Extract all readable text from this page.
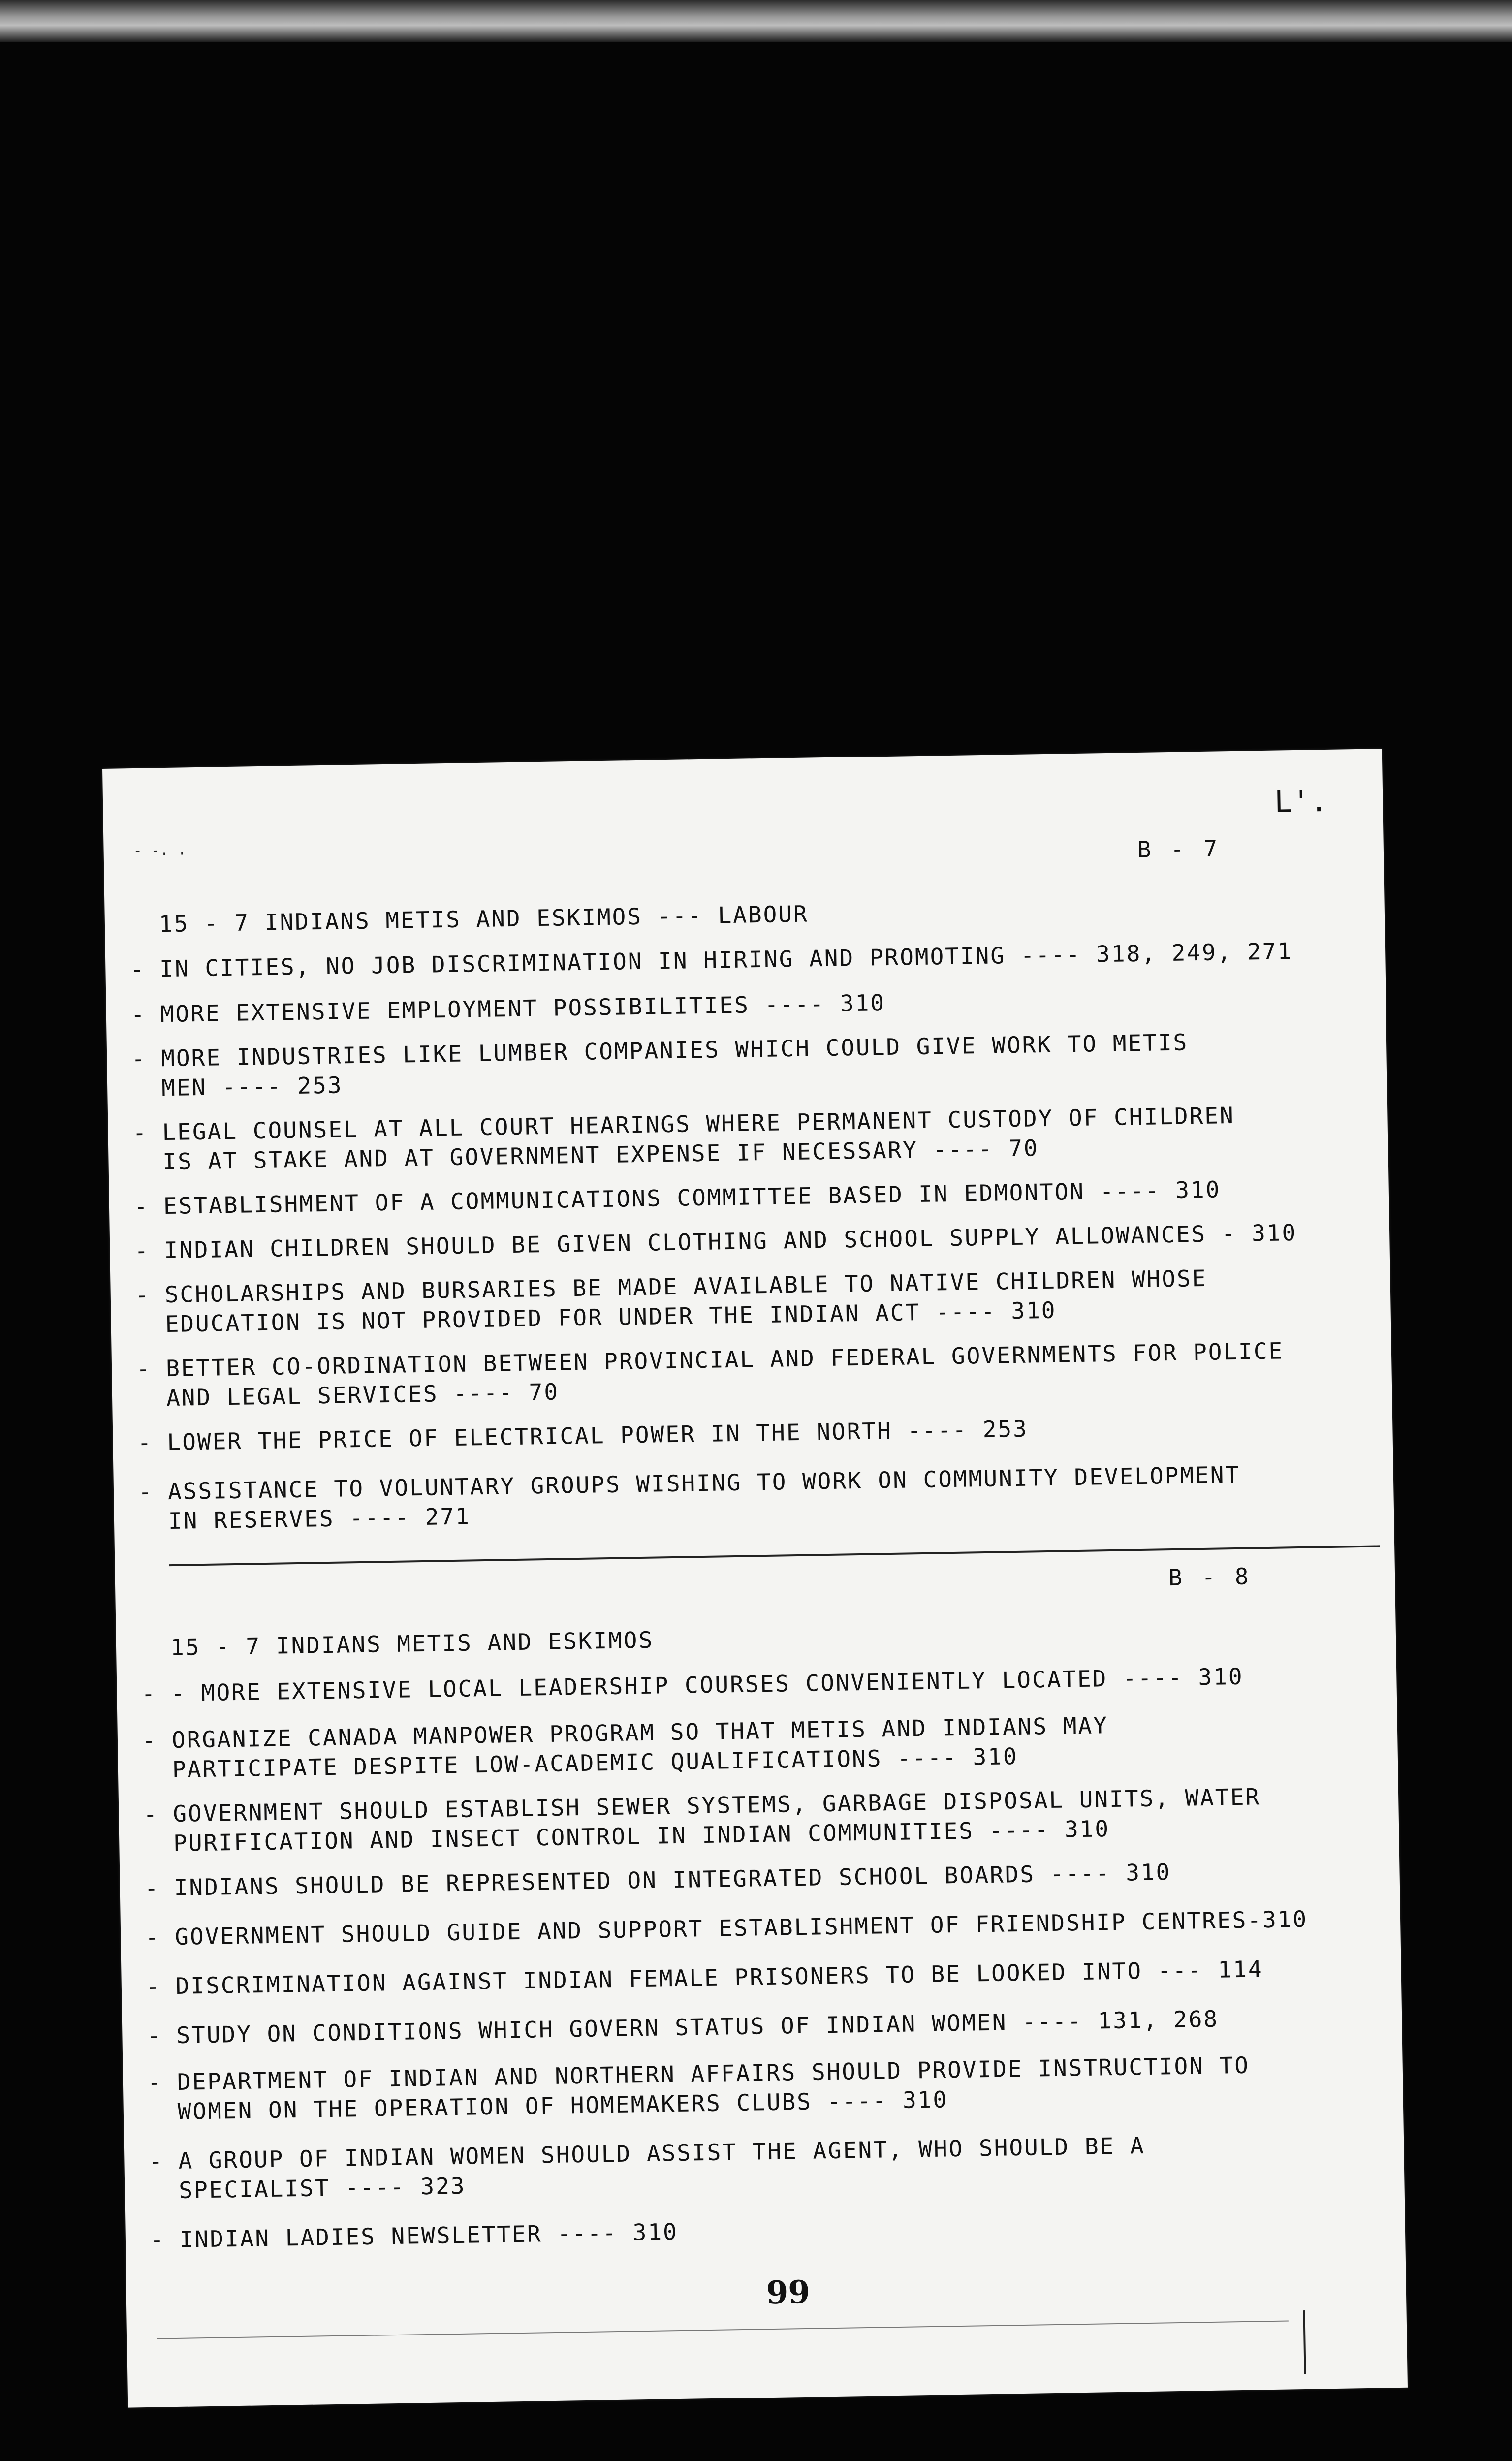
L'.
- -. .	B - 7
15 - 7 INDIANS METIS AND ESKIMOS --- LABOUR
- IN CITIES, NO JOB DISCRIMINATION IN HIRING AND PROMOTING ---- 318, 249, 271
- MORE EXTENSIVE EMPLOYMENT POSSIBILITIES ---- 310
- MORE INDUSTRIES LIKE LUMBER COMPANIES WHICH COULD GIVE WORK TO METIS
MEN ---- 253
- LEGAL COUNSEL AT ALL COURT HEARINGS WHERE PERMANENT CUSTODY OF CHILDREN
IS AT STAKE AND AT GOVERNMENT EXPENSE IF NECESSARY ---- 70
- ESTABLISHMENT OF A COMMUNICATIONS COMMITTEE BASED IN EDMONTON ---- 310
- INDIAN CHILDREN SHOULD BE GIVEN CLOTHING AND SCHOOL SUPPLY ALLOWANCES - 310
- SCHOLARSHIPS AND BURSARIES BE MADE AVAILABLE TO NATIVE CHILDREN WHOSE
EDUCATION IS NOT PROVIDED FOR UNDER THE INDIAN ACT ---- 310
- BETTER CO-ORDINATION BETWEEN PROVINCIAL AND FEDERAL GOVERNMENTS FOR POLICE
AND LEGAL SERVICES ---- 70
- LOWER THE PRICE OF ELECTRICAL POWER IN THE NORTH ---- 253
- ASSISTANCE TO VOLUNTARY GROUPS WISHING TO WORK ON COMMUNITY DEVELOPMENT
IN RESERVES ---- 271
B - 8
15 - 7 INDIANS METIS AND ESKIMOS
- - MORE EXTENSIVE LOCAL LEADERSHIP COURSES CONVENIENTLY LOCATED ---- 310
- ORGANIZE CANADA MANPOWER PROGRAM SO THAT METIS AND INDIANS MAY
PARTICIPATE DESPITE LOW-ACADEMIC QUALIFICATIONS ---- 310
- GOVERNMENT SHOULD ESTABLISH SEWER SYSTEMS, GARBAGE DISPOSAL UNITS, WATER
PURIFICATION AND INSECT CONTROL IN INDIAN COMMUNITIES ---- 310
- INDIANS SHOULD BE REPRESENTED ON INTEGRATED SCHOOL BOARDS ---- 310
- GOVERNMENT SHOULD GUIDE AND SUPPORT ESTABLISHMENT OF FRIENDSHIP CENTRES-310
- DISCRIMINATION AGAINST INDIAN FEMALE PRISONERS TO BE LOOKED INTO --- 114
- STUDY ON CONDITIONS WHICH GOVERN STATUS OF INDIAN WOMEN ---- 131, 268
- DEPARTMENT OF INDIAN AND NORTHERN AFFAIRS SHOULD PROVIDE INSTRUCTION TO
WOMEN ON THE OPERATION OF HOMEMAKERS CLUBS ---- 310
- A GROUP OF INDIAN WOMEN SHOULD ASSIST THE AGENT, WHO SHOULD BE A
SPECIALIST ---- 323
- INDIAN LADIES NEWSLETTER ---- 310
99
